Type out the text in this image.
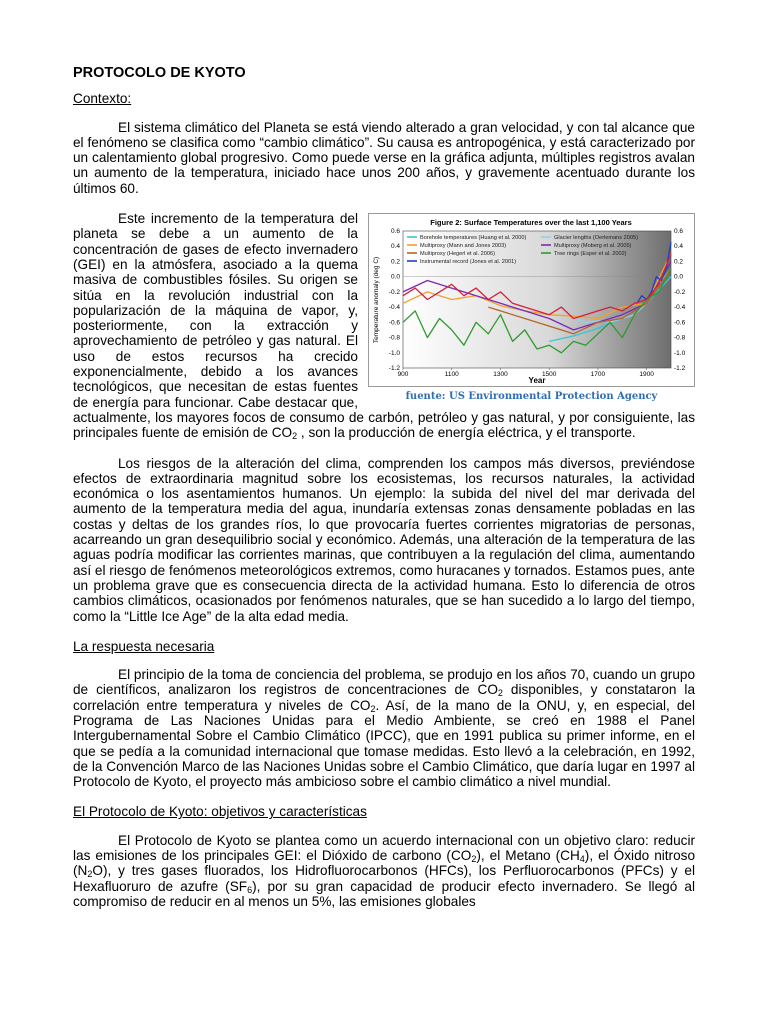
PROTOCOLO DE KYOTO
Contexto:

El sistema climático del Planeta se está viendo alterado a gran velocidad, y con tal alcance que el fenómeno se clasifica como “cambio climático”. Su causa es antropogénica, y está caracterizado por un calentamiento global progresivo. Como puede verse en la gráfica adjunta, múltiples registros avalan un aumento de la temperatura, iniciado hace unos 200 años, y gravemente acentuado durante los últimos 60.

Figure 2: Surface Temperatures over the last 1,100 Years
Temperature anomaly (deg C)
Year
Borehole temperatures (Huang et al. 2000)	Glacier lengths (Oerlemans 2005)
Multiproxy (Mann and Jones 2003)	Multiproxy (Moberg et al. 2005)
Multiproxy (Hegerl et al. 2006)	Tree rings (Esper et al. 2002)
Instrumental record (Jones et al. 2001)
900	1100	1300	1500	1700	1900
0.6
0.4
0.2
0.0
-0.2
-0.4
-0.6
-0.8
-1.0
-1.2
0.6
0.4
0.2
0.0
-0.2
-0.4
-0.6
-0.8
-1.0
-1.2
fuente: US Environmental Protection Agency

Este incremento de la temperatura del planeta se debe a un aumento de la concentración de gases de efecto invernadero (GEI) en la atmósfera, asociado a la quema masiva de combustibles fósiles. Su origen se sitúa en la revolución industrial con la popularización de la máquina de vapor, y, posteriormente, con la extracción y aprovechamiento de petróleo y gas natural. El uso de estos recursos ha crecido exponencialmente, debido a los avances tecnológicos, que necesitan de estas fuentes de energía para funcionar. Cabe destacar que, actualmente, los mayores focos de consumo de carbón, petróleo y gas natural, y por consiguiente, las principales fuente de emisión de $CO_2$ , son la producción de energía eléctrica, y el transporte.

Los riesgos de la alteración del clima, comprenden los campos más diversos, previéndose efectos de extraordinaria magnitud sobre los ecosistemas, los recursos naturales, la actividad económica o los asentamientos humanos. Un ejemplo: la subida del nivel del mar derivada del aumento de la temperatura media del agua, inundaría extensas zonas densamente pobladas en las costas y deltas de los grandes ríos, lo que provocaría fuertes corrientes migratorias de personas, acarreando un gran desequilibrio social y económico. Además, una alteración de la temperatura de las aguas podría modificar las corrientes marinas, que contribuyen a la regulación del clima, aumentando así el riesgo de fenómenos meteorológicos extremos, como huracanes y tornados. Estamos pues, ante un problema grave que es consecuencia directa de la actividad humana. Esto lo diferencia de otros cambios climáticos, ocasionados por fenómenos naturales, que se han sucedido a lo largo del tiempo, como la “Little Ice Age” de la alta edad media.

La respuesta necesaria

El principio de la toma de conciencia del problema, se produjo en los años 70, cuando un grupo de científicos, analizaron los registros de concentraciones de $CO_2$ disponibles, y constataron la correlación entre temperatura y niveles de $CO_2$. Así, de la mano de la ONU, y, en especial, del Programa de Las Naciones Unidas para el Medio Ambiente, se creó en 1988 el Panel Intergubernamental Sobre el Cambio Climático (IPCC), que en 1991 publica su primer informe, en el que se pedía a la comunidad internacional que tomase medidas. Esto llevó a la celebración, en 1992, de la Convención Marco de las Naciones Unidas sobre el Cambio Climático, que daría lugar en 1997 al Protocolo de Kyoto, el proyecto más ambicioso sobre el cambio climático a nivel mundial.

El Protocolo de Kyoto: objetivos y características

El Protocolo de Kyoto se plantea como un acuerdo internacional con un objetivo claro: reducir las emisiones de los principales GEI: el Dióxido de carbono $(CO_2)$, el Metano $(CH_4)$, el Óxido nitroso $(N_2O)$, y tres gases fluorados, los Hidrofluorocarbonos (HFCs), los Perfluorocarbonos (PFCs) y el Hexafluoruro de azufre $(SF_6)$, por su gran capacidad de producir efecto invernadero. Se llegó al compromiso de reducir en al menos un 5%, las emisiones globales
